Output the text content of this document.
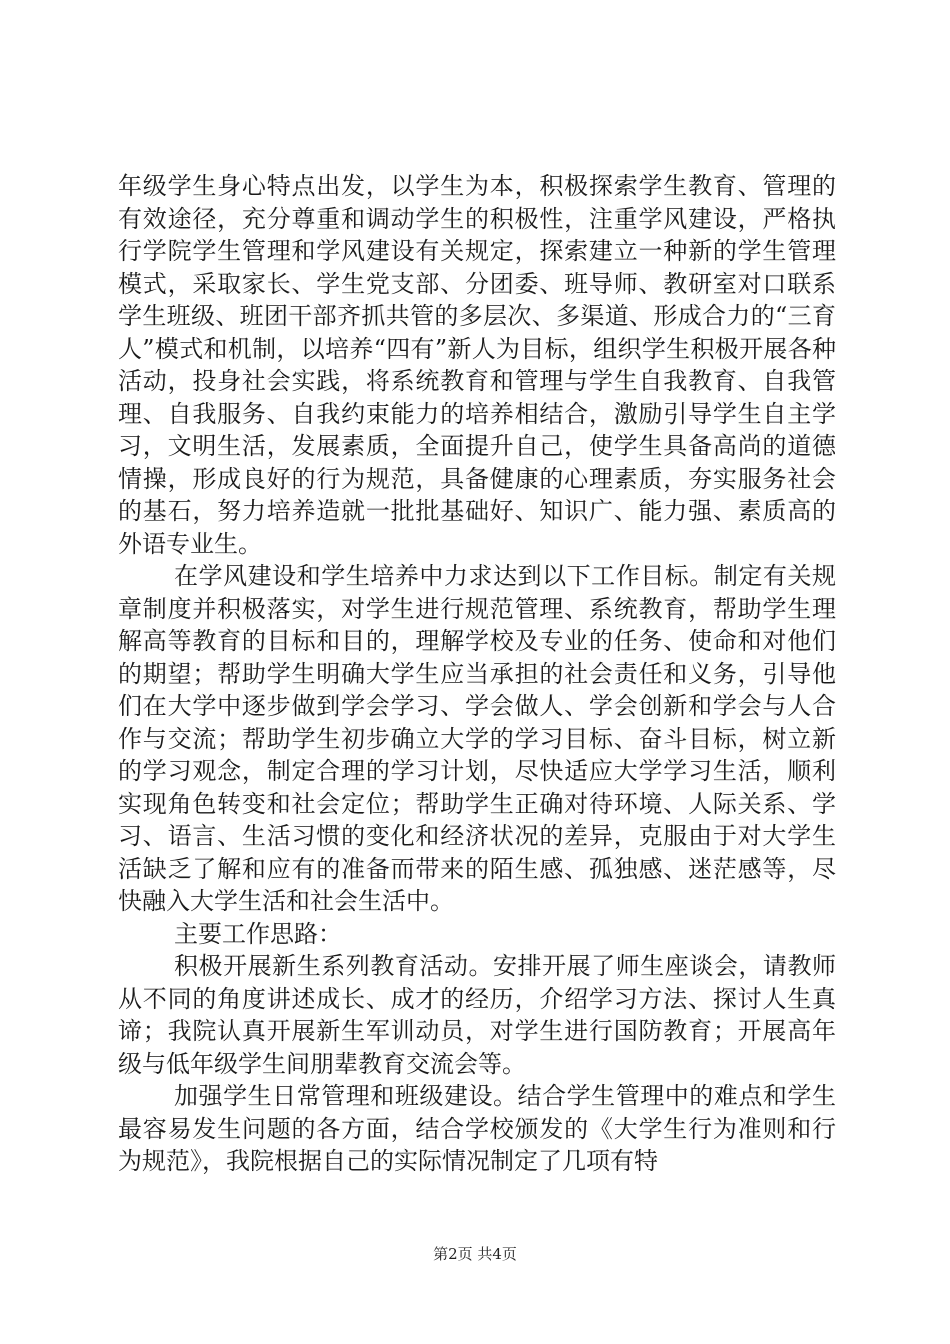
年级学生身心特点出发，以学生为本，积极探索学生教育、管理的有效途径，充分尊重和调动学生的积极性，注重学风建设，严格执行学院学生管理和学风建设有关规定，探索建立一种新的学生管理模式，采取家长、学生党支部、分团委、班导师、教研室对口联系学生班级、班团干部齐抓共管的多层次、多渠道、形成合力的“三育人”模式和机制，以培养“四有”新人为目标，组织学生积极开展各种活动，投身社会实践，将系统教育和管理与学生自我教育、自我管理、自我服务、自我约束能力的培养相结合，激励引导学生自主学习，文明生活，发展素质，全面提升自己，使学生具备高尚的道德情操，形成良好的行为规范，具备健康的心理素质，夯实服务社会的基石，努力培养造就一批批基础好、知识广、能力强、素质高的外语专业生。

在学风建设和学生培养中力求达到以下工作目标。制定有关规章制度并积极落实，对学生进行规范管理、系统教育，帮助学生理解高等教育的目标和目的，理解学校及专业的任务、使命和对他们的期望；帮助学生明确大学生应当承担的社会责任和义务，引导他们在大学中逐步做到学会学习、学会做人、学会创新和学会与人合作与交流；帮助学生初步确立大学的学习目标、奋斗目标，树立新的学习观念，制定合理的学习计划，尽快适应大学学习生活，顺利实现角色转变和社会定位；帮助学生正确对待环境、人际关系、学习、语言、生活习惯的变化和经济状况的差异，克服由于对大学生活缺乏了解和应有的准备而带来的陌生感、孤独感、迷茫感等，尽快融入大学生活和社会生活中。

主要工作思路：

积极开展新生系列教育活动。安排开展了师生座谈会，请教师从不同的角度讲述成长、成才的经历，介绍学习方法、探讨人生真谛；我院认真开展新生军训动员，对学生进行国防教育；开展高年级与低年级学生间朋辈教育交流会等。

加强学生日常管理和班级建设。结合学生管理中的难点和学生最容易发生问题的各方面，结合学校颁发的《大学生行为准则和行为规范》，我院根据自己的实际情况制定了几项有特

第2页 共4页
